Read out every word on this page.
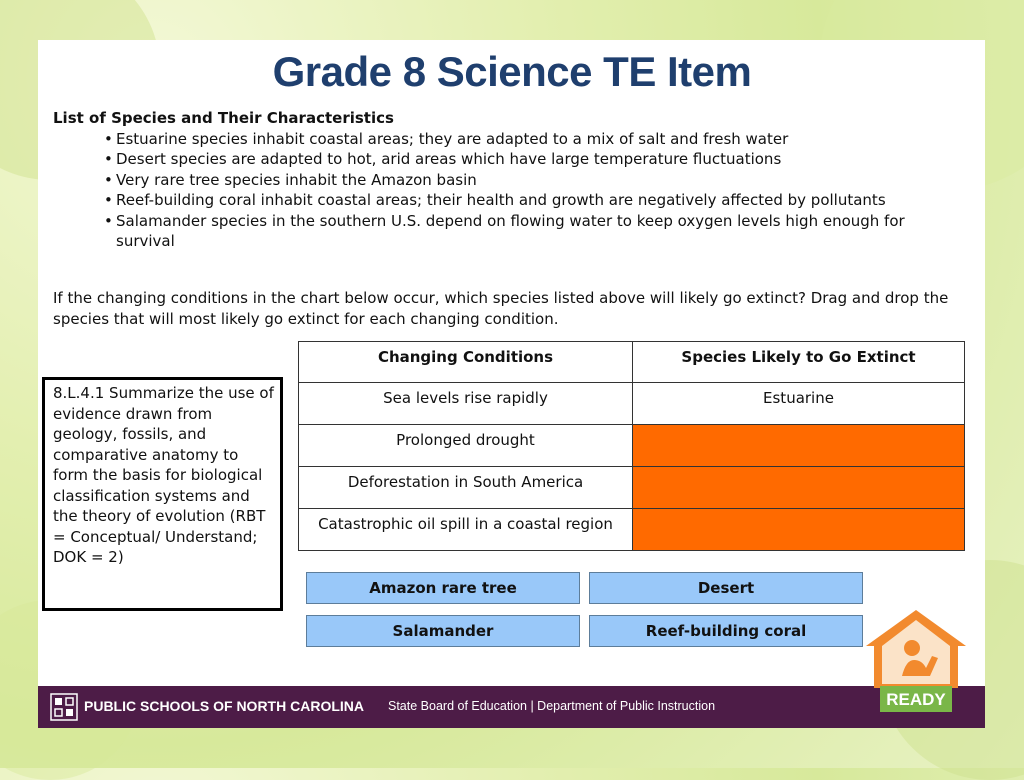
Grade 8 Science TE Item
List of Species and Their Characteristics
• Estuarine species inhabit coastal areas; they are adapted to a mix of salt and fresh water
• Desert species are adapted to hot, arid areas which have large temperature fluctuations
• Very rare tree species inhabit the Amazon basin
• Reef-building coral inhabit coastal areas; their health and growth are negatively affected by pollutants
• Salamander species in the southern U.S. depend on flowing water to keep oxygen levels high enough for survival
If the changing conditions in the chart below occur, which species listed above will likely go extinct? Drag and drop the species that will most likely go extinct for each changing condition.
8.L.4.1 Summarize the use of evidence drawn from geology, fossils, and comparative anatomy to form the basis for biological classification systems and the theory of evolution (RBT = Conceptual/ Understand; DOK = 2)
Changing Conditions	Species Likely to Go Extinct
Sea levels rise rapidly	Estuarine
Prolonged drought	
Deforestation in South America	
Catastrophic oil spill in a coastal region	
Amazon rare tree	Desert
Salamander	Reef-building coral
PUBLIC SCHOOLS OF NORTH CAROLINA State Board of Education | Department of Public Instruction	READY
